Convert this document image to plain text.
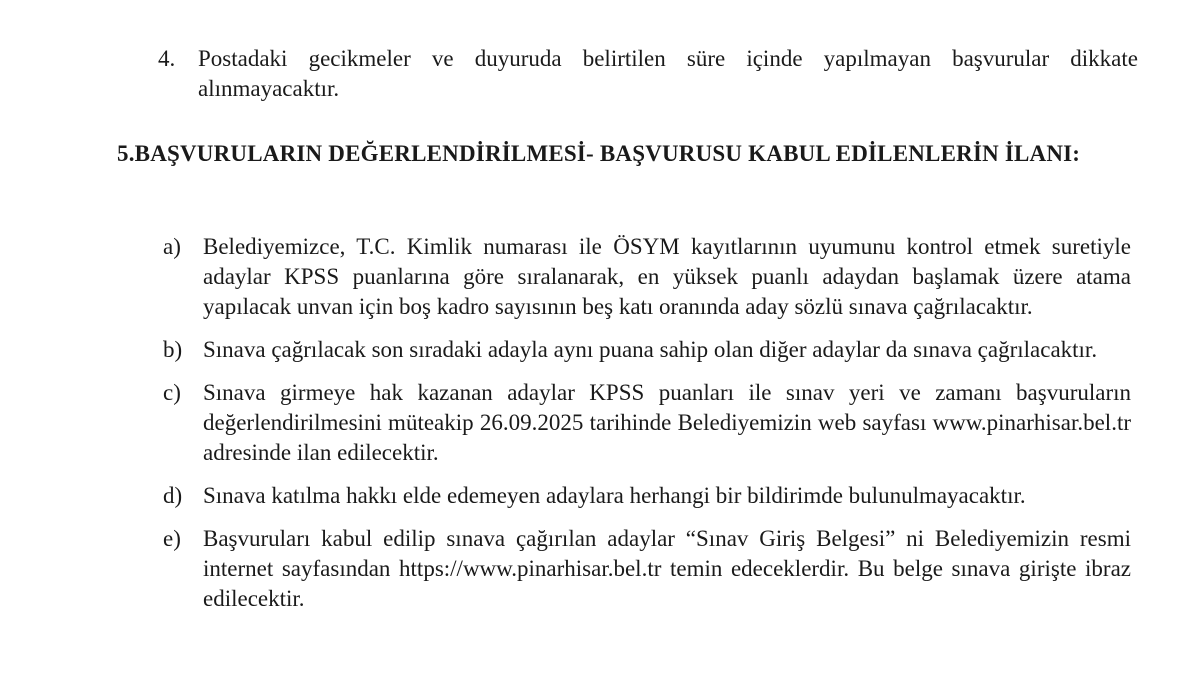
4. Postadaki gecikmeler ve duyuruda belirtilen süre içinde yapılmayan başvurular dikkate alınmayacaktır.
5.BAŞVURULARIN DEĞERLENDİRİLMESİ- BAŞVURUSU KABUL EDİLENLERİN İLANI:
a) Belediyemizce, T.C. Kimlik numarası ile ÖSYM kayıtlarının uyumunu kontrol etmek suretiyle adaylar KPSS puanlarına göre sıralanarak, en yüksek puanlı adaydan başlamak üzere atama yapılacak unvan için boş kadro sayısının beş katı oranında aday sözlü sınava çağrılacaktır.
b) Sınava çağrılacak son sıradaki adayla aynı puana sahip olan diğer adaylar da sınava çağrılacaktır.
c) Sınava girmeye hak kazanan adaylar KPSS puanları ile sınav yeri ve zamanı başvuruların değerlendirilmesini müteakip 26.09.2025 tarihinde Belediyemizin web sayfası www.pinarhisar.bel.tr adresinde ilan edilecektir.
d) Sınava katılma hakkı elde edemeyen adaylara herhangi bir bildirimde bulunulmayacaktır.
e) Başvuruları kabul edilip sınava çağırılan adaylar “Sınav Giriş Belgesi” ni Belediyemizin resmi internet sayfasından https://www.pinarhisar.bel.tr temin edeceklerdir. Bu belge sınava girişte ibraz edilecektir.
